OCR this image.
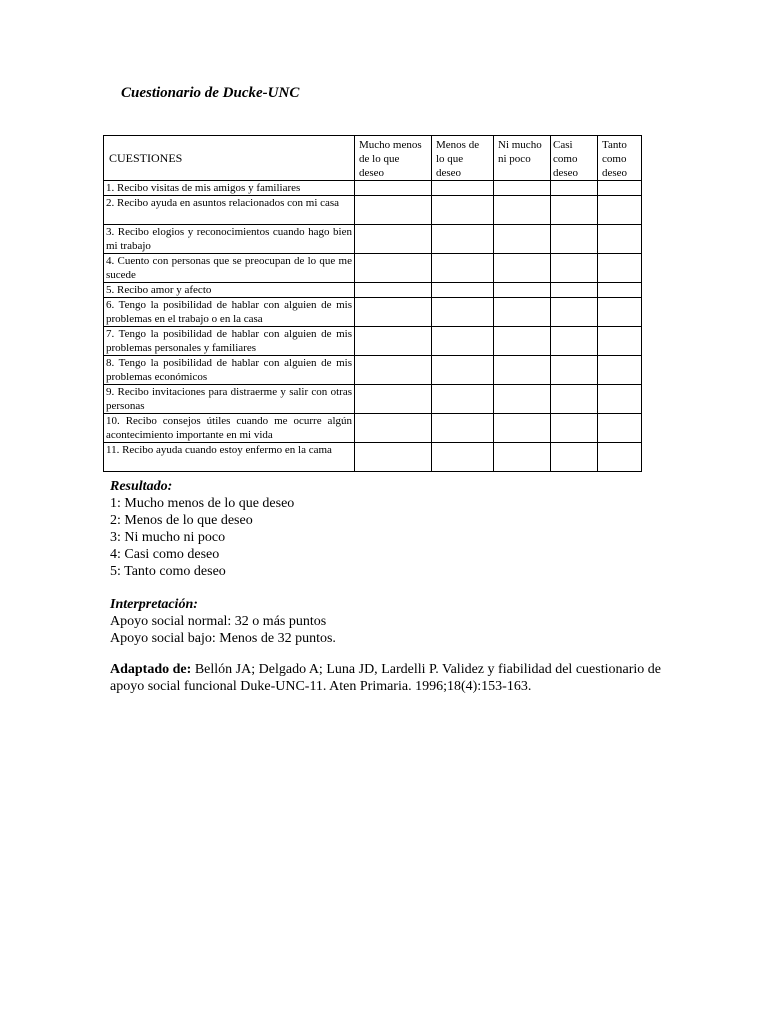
Cuestionario de Ducke-UNC
CUESTIONES	Mucho menos de lo que deseo	Menos de lo que deseo	Ni mucho ni poco	Casi como deseo	Tanto como deseo
1. Recibo visitas de mis amigos y familiares					
2. Recibo ayuda en asuntos relacionados con mi casa					
3. Recibo elogios y reconocimientos cuando hago bien mi trabajo					
4. Cuento con personas que se preocupan de lo que me sucede					
5. Recibo amor y afecto					
6. Tengo la posibilidad de hablar con alguien de mis problemas en el trabajo o en la casa					
7. Tengo la posibilidad de hablar con alguien de mis problemas personales y familiares					
8. Tengo la posibilidad de hablar con alguien de mis problemas económicos					
9. Recibo invitaciones para distraerme y salir con otras personas					
10. Recibo consejos útiles cuando me ocurre algún acontecimiento importante en mi vida					
11. Recibo ayuda cuando estoy enfermo en la cama					
Resultado:
1: Mucho menos de lo que deseo
2: Menos de lo que deseo
3: Ni mucho ni poco
4: Casi como deseo
5: Tanto como deseo
Interpretación:
Apoyo social normal: 32 o más puntos
Apoyo social bajo: Menos de 32 puntos.
Adaptado de: Bellón JA; Delgado A; Luna JD, Lardelli P. Validez y fiabilidad del cuestionario de apoyo social funcional Duke-UNC-11. Aten Primaria. 1996;18(4):153-163.
